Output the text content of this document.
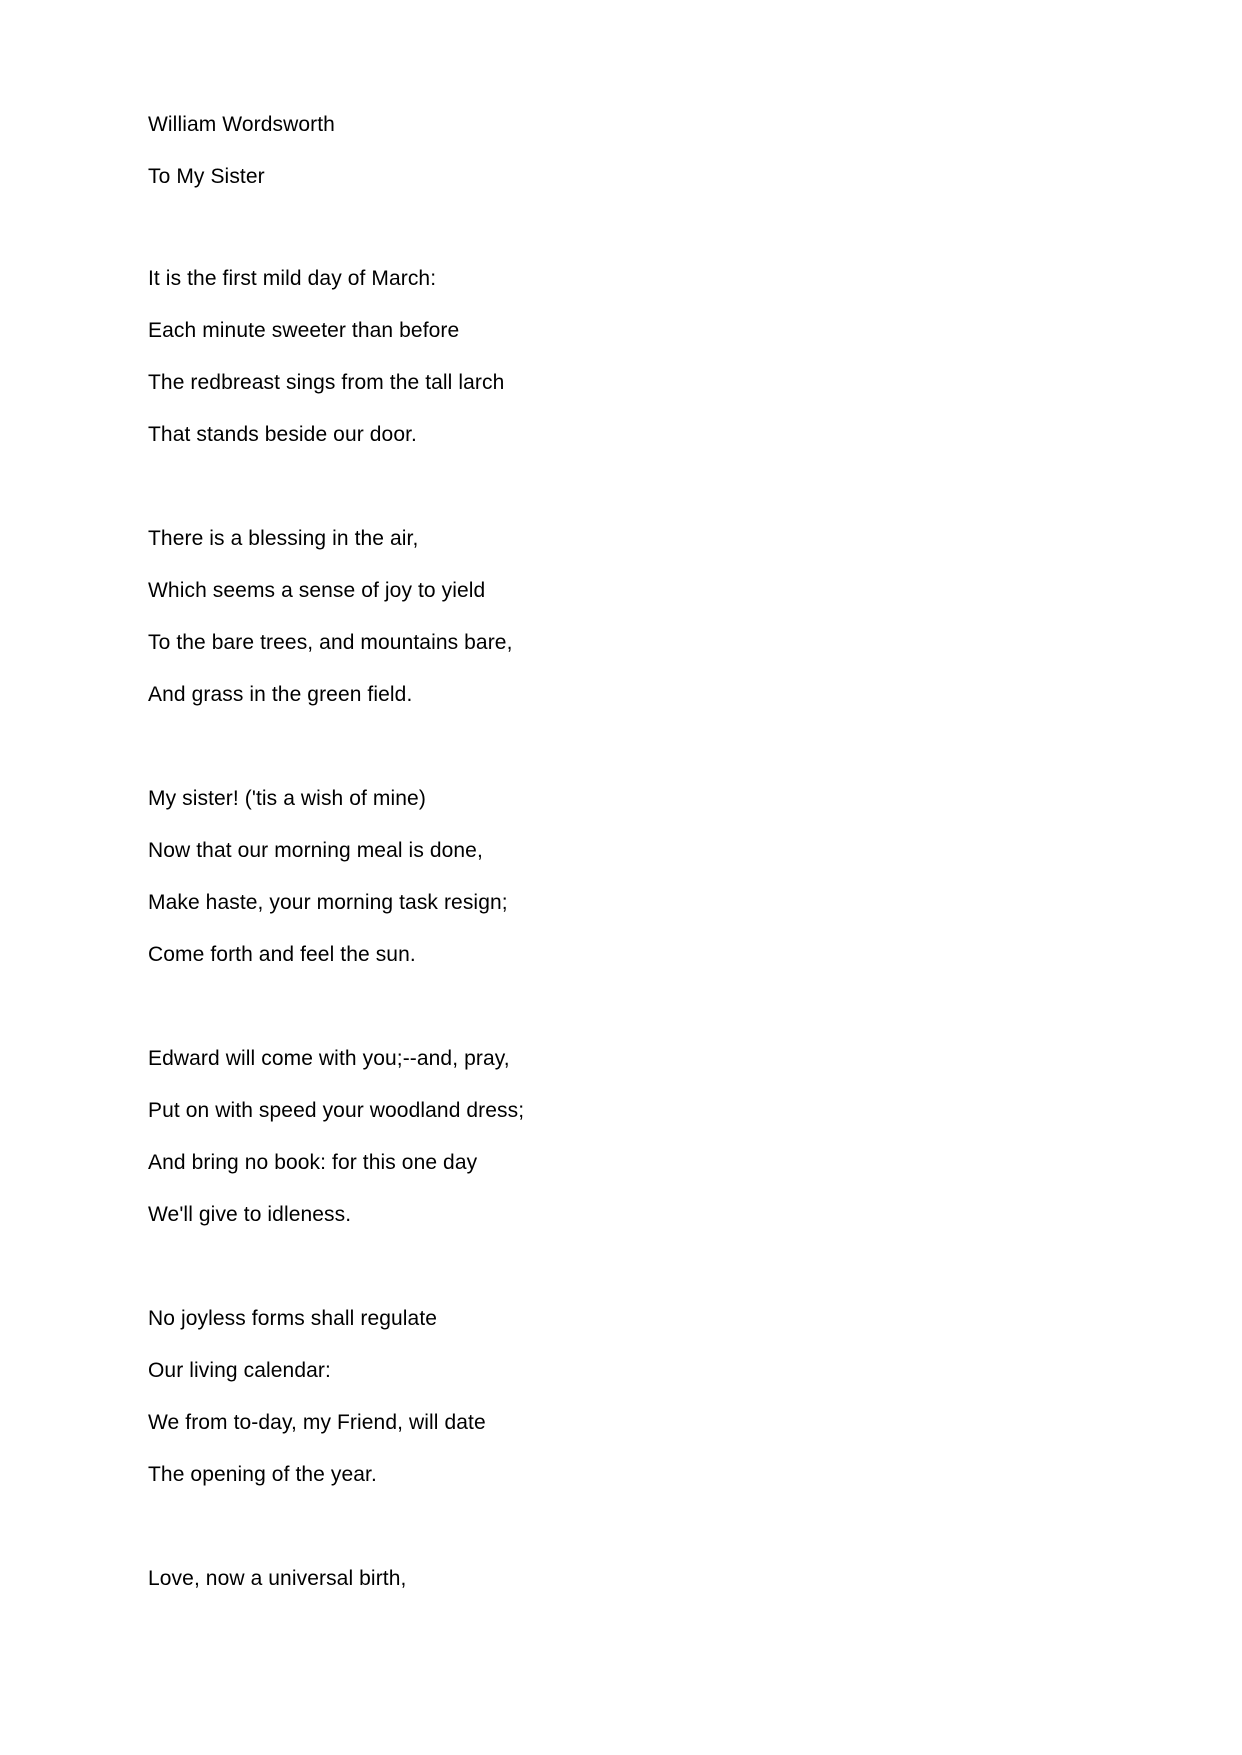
William Wordsworth
To My Sister
It is the first mild day of March:
Each minute sweeter than before
The redbreast sings from the tall larch
That stands beside our door.
There is a blessing in the air,
Which seems a sense of joy to yield
To the bare trees, and mountains bare,
And grass in the green field.
My sister! ('tis a wish of mine)
Now that our morning meal is done,
Make haste, your morning task resign;
Come forth and feel the sun.
Edward will come with you;--and, pray,
Put on with speed your woodland dress;
And bring no book: for this one day
We'll give to idleness.
No joyless forms shall regulate
Our living calendar:
We from to-day, my Friend, will date
The opening of the year.
Love, now a universal birth,
